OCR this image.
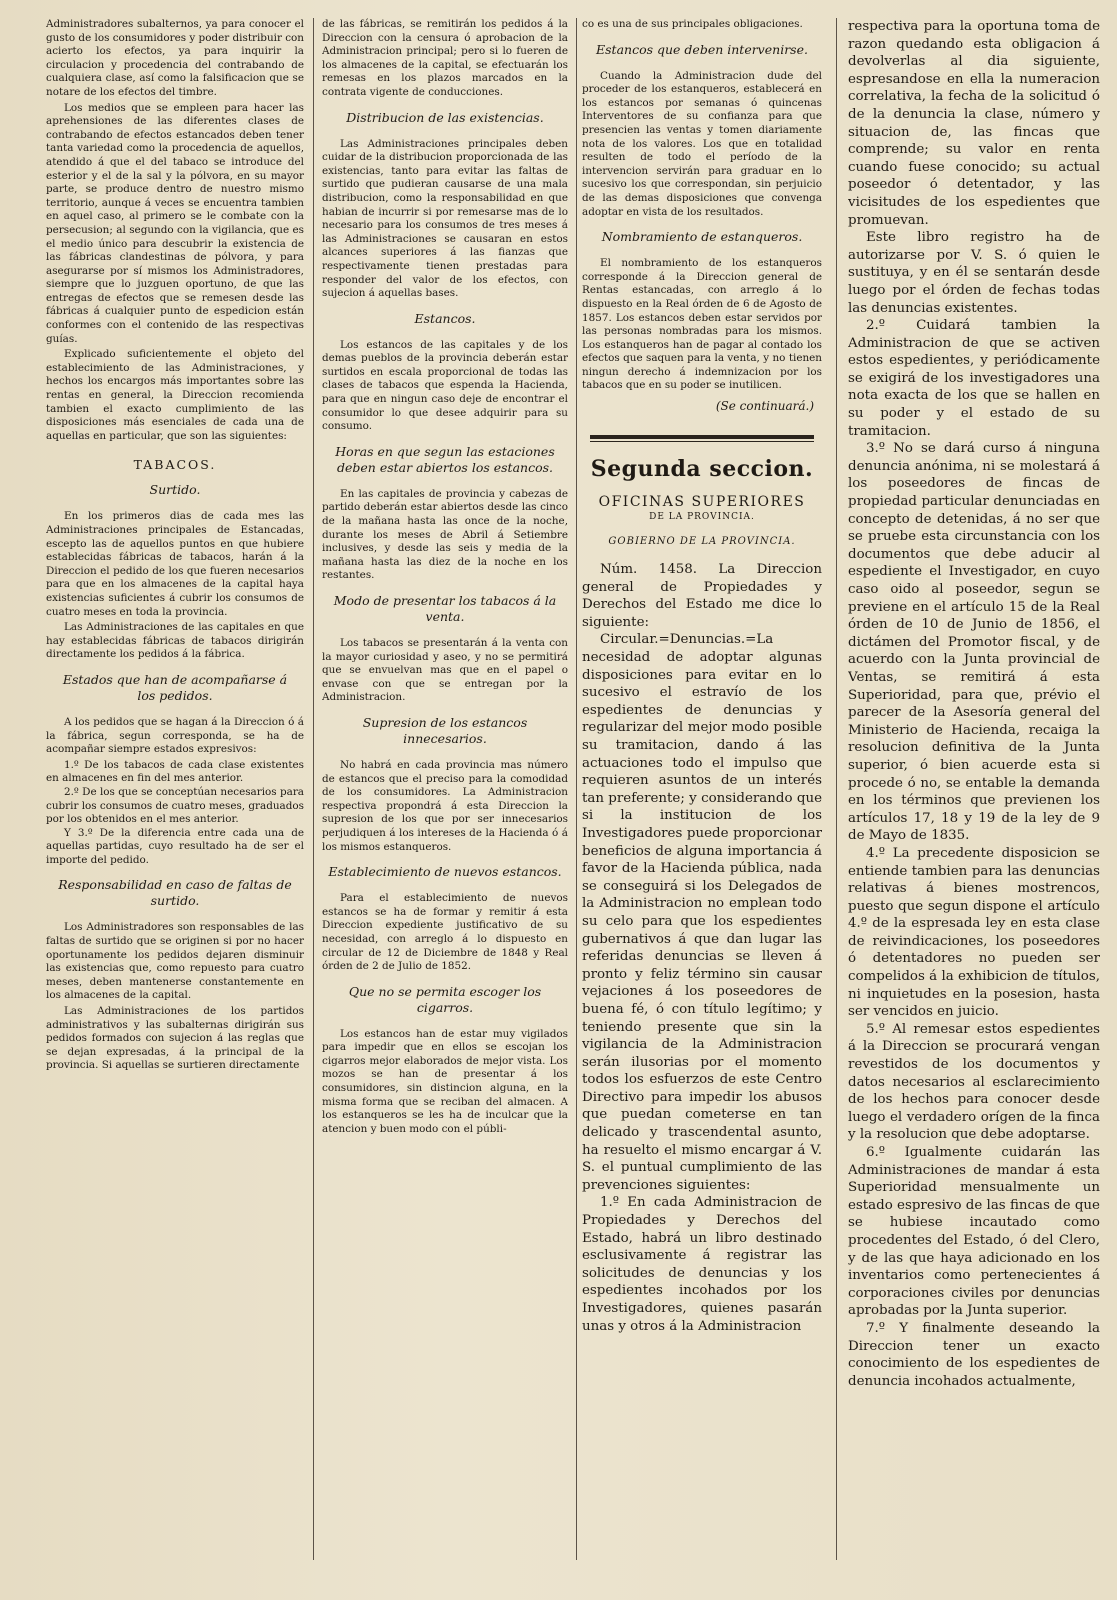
Administradores subalternos, ya para conocer el gusto de los consumidores y poder distribuir con acierto los efectos, ya para inquirir la circulacion y procedencia del contrabando de cualquiera clase, así como la falsificacion que se notare de los efectos del timbre.

Los medios que se empleen para hacer las aprehensiones de las diferentes clases de contrabando de efectos estancados deben tener tanta variedad como la procedencia de aquellos, atendido á que el del tabaco se introduce del esterior y el de la sal y la pólvora, en su mayor parte, se produce dentro de nuestro mismo territorio, aunque á veces se encuentra tambien en aquel caso, al primero se le combate con la persecusion; al segundo con la vigilancia, que es el medio único para descubrir la existencia de las fábricas clandestinas de pólvora, y para asegurarse por sí mismos los Administradores, siempre que lo juzguen oportuno, de que las entregas de efectos que se remesen desde las fábricas á cualquier punto de espedicion están conformes con el contenido de las respectivas guías.

Explicado suficientemente el objeto del establecimiento de las Administraciones, y hechos los encargos más importantes sobre las rentas en general, la Direccion recomienda tambien el exacto cumplimiento de las disposiciones más esenciales de cada una de aquellas en particular, que son las siguientes:

TABACOS.

Surtido.

En los primeros dias de cada mes las Administraciones principales de Estancadas, escepto las de aquellos puntos en que hubiere establecidas fábricas de tabacos, harán á la Direccion el pedido de los que fueren necesarios para que en los almacenes de la capital haya existencias suficientes á cubrir los consumos de cuatro meses en toda la provincia.

Las Administraciones de las capitales en que hay establecidas fábricas de tabacos dirigirán directamente los pedidos á la fábrica.

Estados que han de acompañarse á los pedidos.

A los pedidos que se hagan á la Direccion ó á la fábrica, segun corresponda, se ha de acompañar siempre estados expresivos:

1.º De los tabacos de cada clase existentes en almacenes en fin del mes anterior.

2.º De los que se conceptúan necesarios para cubrir los consumos de cuatro meses, graduados por los obtenidos en el mes anterior.

Y 3.º De la diferencia entre cada una de aquellas partidas, cuyo resultado ha de ser el importe del pedido.

Responsabilidad en caso de faltas de surtido.

Los Administradores son responsables de las faltas de surtido que se originen si por no hacer oportunamente los pedidos dejaren disminuir las existencias que, como repuesto para cuatro meses, deben mantenerse constantemente en los almacenes de la capital.

Las Administraciones de los partidos administrativos y las subalternas dirigirán sus pedidos formados con sujecion á las reglas que se dejan expresadas, á la principal de la provincia. Si aquellas se surtieren directamente

de las fábricas, se remitirán los pedidos á la Direccion con la censura ó aprobacion de la Administracion principal; pero si lo fueren de los almacenes de la capital, se efectuarán los remesas en los plazos marcados en la contrata vigente de conducciones.

Distribucion de las existencias.

Las Administraciones principales deben cuidar de la distribucion proporcionada de las existencias, tanto para evitar las faltas de surtido que pudieran causarse de una mala distribucion, como la responsabilidad en que habian de incurrir si por remesarse mas de lo necesario para los consumos de tres meses á las Administraciones se causaran en estos alcances superiores á las fianzas que respectivamente tienen prestadas para responder del valor de los efectos, con sujecion á aquellas bases.

Estancos.

Los estancos de las capitales y de los demas pueblos de la provincia deberán estar surtidos en escala proporcional de todas las clases de tabacos que espenda la Hacienda, para que en ningun caso deje de encontrar el consumidor lo que desee adquirir para su consumo.

Horas en que segun las estaciones deben estar abiertos los estancos.

En las capitales de provincia y cabezas de partido deberán estar abiertos desde las cinco de la mañana hasta las once de la noche, durante los meses de Abril á Setiembre inclusives, y desde las seis y media de la mañana hasta las diez de la noche en los restantes.

Modo de presentar los tabacos á la venta.

Los tabacos se presentarán á la venta con la mayor curiosidad y aseo, y no se permitirá que se envuelvan mas que en el papel o envase con que se entregan por la Administracion.

Supresion de los estancos innecesarios.

No habrá en cada provincia mas número de estancos que el preciso para la comodidad de los consumidores. La Administracion respectiva propondrá á esta Direccion la supresion de los que por ser innecesarios perjudiquen á los intereses de la Hacienda ó á los mismos estanqueros.

Establecimiento de nuevos estancos.

Para el establecimiento de nuevos estancos se ha de formar y remitir á esta Direccion expediente justificativo de su necesidad, con arreglo á lo dispuesto en circular de 12 de Diciembre de 1848 y Real órden de 2 de Julio de 1852.

Que no se permita escoger los cigarros.

Los estancos han de estar muy vigilados para impedir que en ellos se escojan los cigarros mejor elaborados de mejor vista. Los mozos se han de presentar á los consumidores, sin distincion alguna, en la misma forma que se reciban del almacen. A los estanqueros se les ha de inculcar que la atencion y buen modo con el públi-

co es una de sus principales obligaciones.

Estancos que deben intervenirse.

Cuando la Administracion dude del proceder de los estanqueros, establecerá en los estancos por semanas ó quincenas Interventores de su confianza para que presencien las ventas y tomen diariamente nota de los valores. Los que en totalidad resulten de todo el período de la intervencion servirán para graduar en lo sucesivo los que correspondan, sin perjuicio de las demas disposiciones que convenga adoptar en vista de los resultados.

Nombramiento de estanqueros.

El nombramiento de los estanqueros corresponde á la Direccion general de Rentas estancadas, con arreglo á lo dispuesto en la Real órden de 6 de Agosto de 1857. Los estancos deben estar servidos por las personas nombradas para los mismos. Los estanqueros han de pagar al contado los efectos que saquen para la venta, y no tienen ningun derecho á indemnizacion por los tabacos que en su poder se inutilicen.

(Se continuará.)

Segunda seccion.

OFICINAS SUPERIORES

DE LA PROVINCIA.

GOBIERNO DE LA PROVINCIA.

Núm. 1458. La Direccion general de Propiedades y Derechos del Estado me dice lo siguiente:

Circular.=Denuncias.=La necesidad de adoptar algunas disposiciones para evitar en lo sucesivo el estravío de los espedientes de denuncias y regularizar del mejor modo posible su tramitacion, dando á las actuaciones todo el impulso que requieren asuntos de un interés tan preferente; y considerando que si la institucion de los Investigadores puede proporcionar beneficios de alguna importancia á favor de la Hacienda pública, nada se conseguirá si los Delegados de la Administracion no emplean todo su celo para que los espedientes gubernativos á que dan lugar las referidas denuncias se lleven á pronto y feliz término sin causar vejaciones á los poseedores de buena fé, ó con título legítimo; y teniendo presente que sin la vigilancia de la Administracion serán ilusorias por el momento todos los esfuerzos de este Centro Directivo para impedir los abusos que puedan cometerse en tan delicado y trascendental asunto, ha resuelto el mismo encargar á V. S. el puntual cumplimiento de las prevenciones siguientes:

1.º En cada Administracion de Propiedades y Derechos del Estado, habrá un libro destinado esclusivamente á registrar las solicitudes de denuncias y los espedientes incohados por los Investigadores, quienes pasarán unas y otros á la Administracion

respectiva para la oportuna toma de razon quedando esta obligacion á devolverlas al dia siguiente, espresandose en ella la numeracion correlativa, la fecha de la solicitud ó de la denuncia la clase, número y situacion de, las fincas que comprende; su valor en renta cuando fuese conocido; su actual poseedor ó detentador, y las vicisitudes de los espedientes que promuevan.

Este libro registro ha de autorizarse por V. S. ó quien le sustituya, y en él se sentarán desde luego por el órden de fechas todas las denuncias existentes.

2.º Cuidará tambien la Administracion de que se activen estos espedientes, y periódicamente se exigirá de los investigadores una nota exacta de los que se hallen en su poder y el estado de su tramitacion.

3.º No se dará curso á ninguna denuncia anónima, ni se molestará á los poseedores de fincas de propiedad particular denunciadas en concepto de detenidas, á no ser que se pruebe esta circunstancia con los documentos que debe aducir al espediente el Investigador, en cuyo caso oido al poseedor, segun se previene en el artículo 15 de la Real órden de 10 de Junio de 1856, el dictámen del Promotor fiscal, y de acuerdo con la Junta provincial de Ventas, se remitirá á esta Superioridad, para que, prévio el parecer de la Asesoría general del Ministerio de Hacienda, recaiga la resolucion definitiva de la Junta superior, ó bien acuerde esta si procede ó no, se entable la demanda en los términos que previenen los artículos 17, 18 y 19 de la ley de 9 de Mayo de 1835.

4.º La precedente disposicion se entiende tambien para las denuncias relativas á bienes mostrencos, puesto que segun dispone el artículo 4.º de la espresada ley en esta clase de reivindicaciones, los poseedores ó detentadores no pueden ser compelidos á la exhibicion de títulos, ni inquietudes en la posesion, hasta ser vencidos en juicio.

5.º Al remesar estos espedientes á la Direccion se procurará vengan revestidos de los documentos y datos necesarios al esclarecimiento de los hechos para conocer desde luego el verdadero orígen de la finca y la resolucion que debe adoptarse.

6.º Igualmente cuidarán las Administraciones de mandar á esta Superioridad mensualmente un estado espresivo de las fincas de que se hubiese incautado como procedentes del Estado, ó del Clero, y de las que haya adicionado en los inventarios como pertenecientes á corporaciones civiles por denuncias aprobadas por la Junta superior.

7.º Y finalmente deseando la Direccion tener un exacto conocimiento de los espedientes de denuncia incohados actualmente,
